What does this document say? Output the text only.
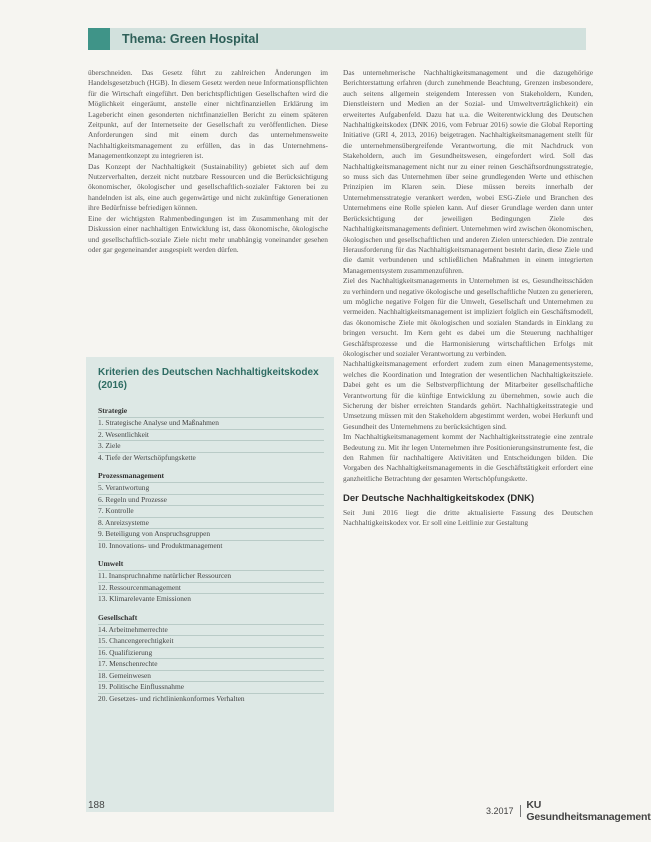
Thema: Green Hospital

überschneiden. Das Gesetz führt zu zahlreichen Änderungen im Handelsgesetzbuch (HGB). In diesem Gesetz werden neue Informationspflichten für die Wirtschaft eingeführt. Den berichtspflichtigen Gesellschaften wird die Möglichkeit eingeräumt, anstelle einer nichtfinanziellen Erklärung im Lagebericht einen gesonderten nichtfinanziellen Bericht zu einem späteren Zeitpunkt, auf der Internetseite der Gesellschaft zu veröffentlichen. Diese Anforderungen sind mit einem durch das unternehmensweite Nachhaltigkeitsmanagement zu erfüllen, das in das Unternehmens-Managementkonzept zu integrieren ist.

Das Konzept der Nachhaltigkeit (Sustainability) gebietet sich auf dem Nutzerverhalten, derzeit nicht nutzbare Ressourcen und die Berücksichtigung ökonomischer, ökologischer und gesellschaftlich-sozialer Faktoren bei zu handelnden ist als, eine auch gegenwärtige und nicht zukünftige Generationen ihre Bedürfnisse befriedigen können.

Eine der wichtigsten Rahmenbedingungen ist im Zusammenhang mit der Diskussion einer nachhaltigen Entwicklung ist, dass ökonomische, ökologische und gesellschaftlich-soziale Ziele nicht mehr unabhängig voneinander gesehen oder gar gegeneinander ausgespielt werden dürfen.

Kriterien des Deutschen Nachhaltigkeitskodex (2016)
Strategie
1. Strategische Analyse und Maßnahmen
2. Wesentlichkeit
3. Ziele
4. Tiefe der Wertschöpfungskette
Prozessmanagement
5. Verantwortung
6. Regeln und Prozesse
7. Kontrolle
8. Anreizsysteme
9. Beteiligung von Anspruchsgruppen
10. Innovations- und Produktmanagement
Umwelt
11. Inanspruchnahme natürlicher Ressourcen
12. Ressourcenmanagement
13. Klimarelevante Emissionen
Gesellschaft
14. Arbeitnehmerrechte
15. Chancengerechtigkeit
16. Qualifizierung
17. Menschenrechte
18. Gemeinwesen
19. Politische Einflussnahme
20. Gesetzes- und richtlinienkonformes Verhalten

Das unternehmerische Nachhaltigkeitsmanagement und die dazugehörige Berichterstattung erfahren (durch zunehmende Beachtung, Grenzen insbesondere, auch seitens allgemein steigendem Interessen von Stakeholdern, Kunden, Dienstleistern und Medien an der Sozial- und Umweltverträglichkeit) ein erweitertes Aufgabenfeld. Dazu hat u.a. die Weiterentwicklung des Deutschen Nachhaltigkeitskodex (DNK 2016, vom Februar 2016) sowie die Global Reporting Initiative (GRI 4, 2013, 2016) beigetragen. Nachhaltigkeitsmanagement stellt für die unternehmensübergreifende Verantwortung, die mit Nachdruck von Stakeholdern, auch im Gesundheitswesen, eingefordert wird. Soll das Nachhaltigkeitsmanagement nicht nur zu einer reinen Geschäftsordnungsstrategie, so muss sich das Unternehmen über seine grundlegenden Werte und ethischen Prinzipien im Klaren sein. Diese müssen bereits innerhalb der Unternehmensstrategie verankert werden, wobei ESG-Ziele und Branchen des Unternehmens eine Rolle spielen kann. Auf dieser Grundlage werden dann unter Berücksichtigung der jeweiligen Bedingungen Ziele des Nachhaltigkeitsmanagements definiert. Unternehmen wird zwischen ökonomischen, ökologischen und gesellschaftlichen und anderen Zielen unterschieden. Die zentrale Herausforderung für das Nachhaltigkeitsmanagement besteht darin, diese Ziele und die damit verbundenen und schließlichen Maßnahmen in einem integrierten Managementsystem zusammenzuführen.

Ziel des Nachhaltigkeitsmanagements in Unternehmen ist es, Gesundheitsschäden zu verhindern und negative ökologische und gesellschaftliche Nutzen zu generieren, um mögliche negative Folgen für die Umwelt, Gesellschaft und Unternehmen zu vermeiden. Nachhaltigkeitsmanagement ist impliziert folglich ein Geschäftsmodell, das ökonomische Ziele mit ökologischen und sozialen Standards in Einklang zu bringen versucht. Im Kern geht es dabei um die Steuerung nachhaltiger Geschäftsprozesse und die Harmonisierung wirtschaftlichen Erfolgs mit ökologischer und sozialer Verantwortung zu verbinden.

Nachhaltigkeitsmanagement erfordert zudem zum einen Managementsysteme, welches die Koordination und Integration der wesentlichen Nachhaltigkeitsziele. Dabei geht es um die Selbstverpflichtung der Mitarbeiter gesellschaftliche Verantwortung für die künftige Entwicklung zu übernehmen, sowie auch die Sicherung der bisher erreichten Standards gehört. Nachhaltigkeitsstrategie und Umsetzung müssen mit den Stakeholdern abgestimmt werden, wobei Herkunft und Gesundheit des Unternehmens zu berücksichtigen sind.

Im Nachhaltigkeitsmanagement kommt der Nachhaltigkeitsstrategie eine zentrale Bedeutung zu. Mit ihr legen Unternehmen ihre Positionierungsinstrumente fest, die den Rahmen für nachhaltigere Aktivitäten und Entscheidungen bilden. Die Vorgaben des Nachhaltigkeitsmanagements in die Geschäftstätigkeit erfordert eine ganzheitliche Betrachtung der gesamten Wertschöpfungskette.

Der Deutsche Nachhaltigkeitskodex (DNK)

Seit Juni 2016 liegt die dritte aktualisierte Fassung des Deutschen Nachhaltigkeitskodex vor. Er soll eine Leitlinie zur Gestaltung

188	3.2017 KU Gesundheitsmanagement
